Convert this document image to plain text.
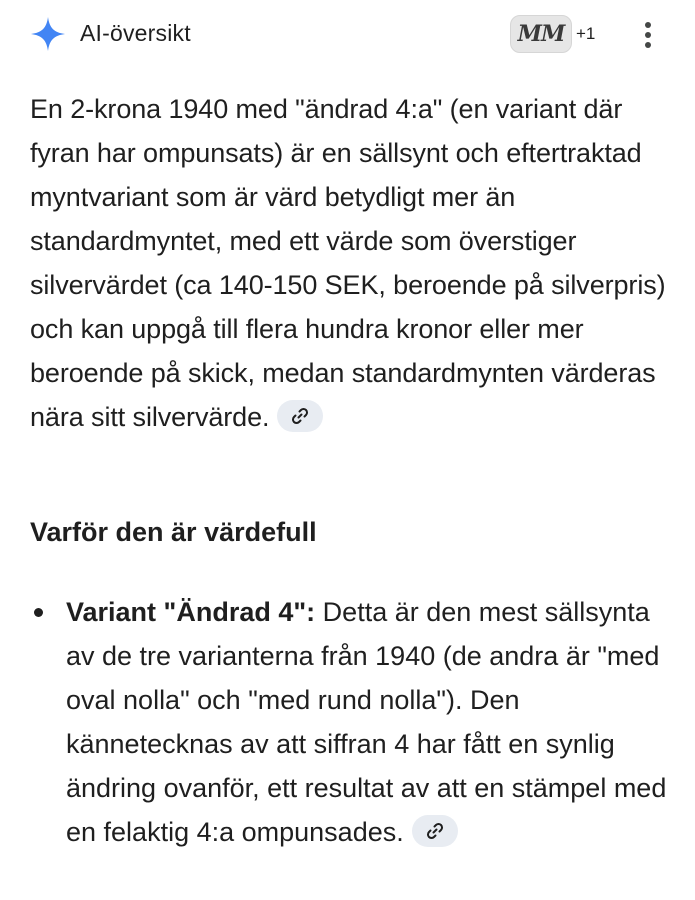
AI-översikt	MM +1
En 2-krona 1940 med "ändrad 4:a" (en variant där fyran har ompunsats) är en sällsynt och eftertraktad myntvariant som är värd betydligt mer än standardmyntet, med ett värde som överstiger silvervärdet (ca 140-150 SEK, beroende på silverpris) och kan uppgå till flera hundra kronor eller mer beroende på skick, medan standardmynten värderas nära sitt silvervärde.
Varför den är värdefull
Variant "Ändrad 4": Detta är den mest sällsynta av de tre varianterna från 1940 (de andra är "med oval nolla" och "med rund nolla"). Den kännetecknas av att siffran 4 har fått en synlig ändring ovanför, ett resultat av att en stämpel med en felaktig 4:a ompunsades.
